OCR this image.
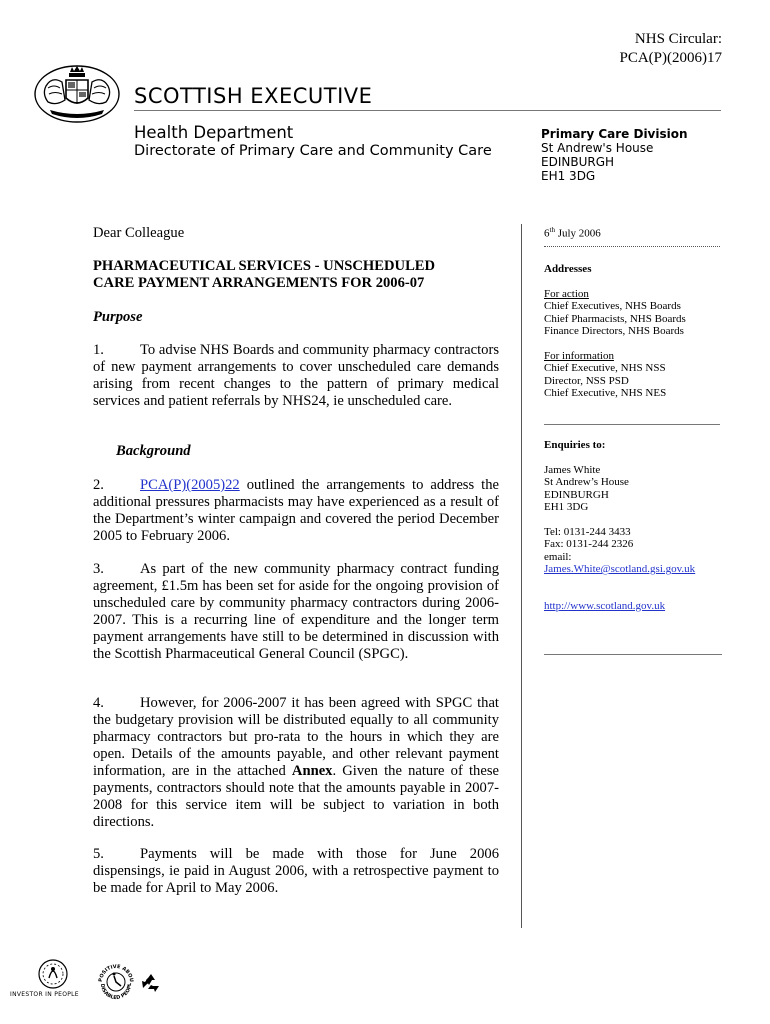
NHS Circular:
PCA(P)(2006)17
SCOTTISH EXECUTIVE
Health Department
Directorate of Primary Care and Community Care
Primary Care Division
St Andrew's House
EDINBURGH
EH1 3DG
Dear Colleague
PHARMACEUTICAL SERVICES - UNSCHEDULED
CARE PAYMENT ARRANGEMENTS FOR 2006-07
Purpose

1. To advise NHS Boards and community pharmacy contractors of new payment arrangements to cover unscheduled care demands arising from recent changes to the pattern of primary medical services and patient referrals by NHS24, ie unscheduled care.

Background

2. PCA(P)(2005)22 outlined the arrangements to address the additional pressures pharmacists may have experienced as a result of the Department’s winter campaign and covered the period December 2005 to February 2006.

3. As part of the new community pharmacy contract funding agreement, £1.5m has been set for aside for the ongoing provision of unscheduled care by community pharmacy contractors during 2006-2007. This is a recurring line of expenditure and the longer term payment arrangements have still to be determined in discussion with the Scottish Pharmaceutical General Council (SPGC).

4. However, for 2006-2007 it has been agreed with SPGC that the budgetary provision will be distributed equally to all community pharmacy contractors but pro-rata to the hours in which they are open. Details of the amounts payable, and other relevant payment information, are in the attached Annex. Given the nature of these payments, contractors should note that the amounts payable in 2007-2008 for this service item will be subject to variation in both directions.

5. Payments will be made with those for June 2006 dispensings, ie paid in August 2006, with a retrospective payment to be made for April to May 2006.

6th July 2006
Addresses
For action
Chief Executives, NHS Boards
Chief Pharmacists, NHS Boards
Finance Directors, NHS Boards
For information
Chief Executive, NHS NSS
Director, NSS PSD
Chief Executive, NHS NES
Enquiries to:
James White
St Andrew’s House
EDINBURGH
EH1 3DG
Tel: 0131-244 3433
Fax: 0131-244 2326
email:
James.White@scotland.gsi.gov.uk
http://www.scotland.gov.uk
INVESTOR IN PEOPLE
POSITIVE ABOU
DISABLED PEOPL
